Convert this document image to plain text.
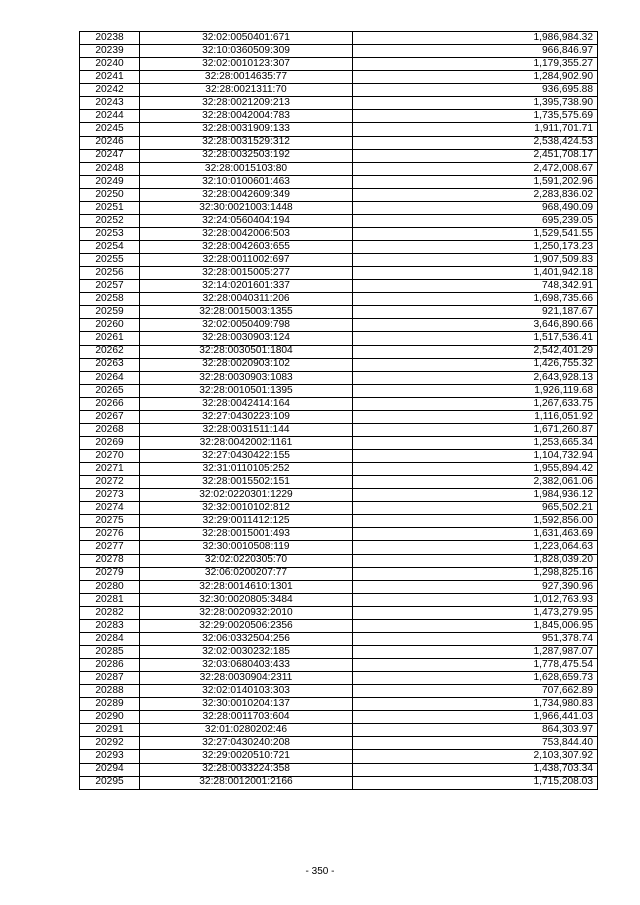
20238	32:02:0050401:671	1,986,984.32
20239	32:10:0360509:309	966,846.97
20240	32:02:0010123:307	1,179,355.27
20241	32:28:0014635:77	1,284,902.90
20242	32:28:0021311:70	936,695.88
20243	32:28:0021209:213	1,395,738.90
20244	32:28:0042004:783	1,735,575.69
20245	32:28:0031909:133	1,911,701.71
20246	32:28:0031529:312	2,538,424.53
20247	32:28:0032503:192	2,451,708.17
20248	32:28:0015103:80	2,472,008.67
20249	32:10:0100601:463	1,591,202.96
20250	32:28:0042609:349	2,283,836.02
20251	32:30:0021003:1448	968,490.09
20252	32:24:0560404:194	695,239.05
20253	32:28:0042006:503	1,529,541.55
20254	32:28:0042603:655	1,250,173.23
20255	32:28:0011002:697	1,907,509.83
20256	32:28:0015005:277	1,401,942.18
20257	32:14:0201601:337	748,342.91
20258	32:28:0040311:206	1,698,735.66
20259	32:28:0015003:1355	921,187.67
20260	32:02:0050409:798	3,646,890.66
20261	32:28:0030903:124	1,517,536.41
20262	32:28:0030501:1804	2,542,401.29
20263	32:28:0020903:102	1,426,755.32
20264	32:28:0030903:1083	2,643,928.13
20265	32:28:0010501:1395	1,926,119.68
20266	32:28:0042414:164	1,267,633.75
20267	32:27:0430223:109	1,116,051.92
20268	32:28:0031511:144	1,671,260.87
20269	32:28:0042002:1161	1,253,665.34
20270	32:27:0430422:155	1,104,732.94
20271	32:31:0110105:252	1,955,894.42
20272	32:28:0015502:151	2,382,061.06
20273	32:02:0220301:1229	1,984,936.12
20274	32:32:0010102:812	965,502.21
20275	32:29:0011412:125	1,592,856.00
20276	32:28:0015001:493	1,631,463.69
20277	32:30:0010508:119	1,223,064.63
20278	32:02:0220305:70	1,828,039.20
20279	32:06:0200207:77	1,298,825.16
20280	32:28:0014610:1301	927,390.96
20281	32:30:0020805:3484	1,012,763.93
20282	32:28:0020932:2010	1,473,279.95
20283	32:29:0020506:2356	1,845,006.95
20284	32:06:0332504:256	951,378.74
20285	32:02:0030232:185	1,287,987.07
20286	32:03:0680403:433	1,778,475.54
20287	32:28:0030904:2311	1,628,659.73
20288	32:02:0140103:303	707,662.89
20289	32:30:0010204:137	1,734,980.83
20290	32:28:0011703:604	1,966,441.03
20291	32:01:0280202:46	864,303.97
20292	32:27:0430240:208	753,844.40
20293	32:29:0020510:721	2,103,307.92
20294	32:28:0033224:358	1,438,703.34
20295	32:28:0012001:2166	1,715,208.03
- 350 -
